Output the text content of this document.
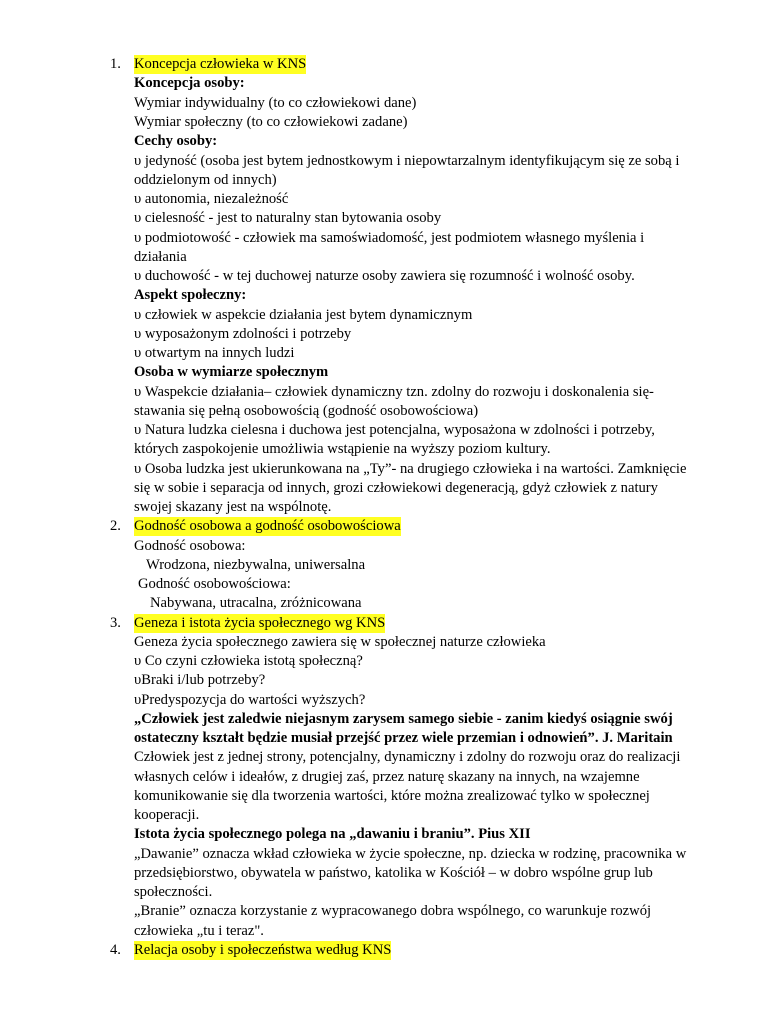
1. Koncepcja człowieka w KNS
Koncepcja osoby:
Wymiar indywidualny (to co człowiekowi dane)
Wymiar społeczny (to co człowiekowi zadane)
Cechy osoby:
υ jedyność (osoba jest bytem jednostkowym i niepowtarzalnym identyfikującym się ze sobą i
oddzielonym od innych)
υ autonomia, niezależność
υ cielesność - jest to naturalny stan bytowania osoby
υ podmiotowość - człowiek ma samoświadomość, jest podmiotem własnego myślenia i
działania
υ duchowość - w tej duchowej naturze osoby zawiera się rozumność i wolność osoby.
Aspekt społeczny:
υ człowiek w aspekcie działania jest bytem dynamicznym
υ wyposażonym zdolności i potrzeby
υ otwartym na innych ludzi
Osoba w wymiarze społecznym
υ Waspekcie działania– człowiek dynamiczny tzn. zdolny do rozwoju i doskonalenia się-
stawania się pełną osobowością (godność osobowościowa)
υ Natura ludzka cielesna i duchowa jest potencjalna, wyposażona w zdolności i potrzeby,
których zaspokojenie umożliwia wstąpienie na wyższy poziom kultury.
υ Osoba ludzka jest ukierunkowana na „Ty”- na drugiego człowieka i na wartości. Zamknięcie
się w sobie i separacja od innych, grozi człowiekowi degeneracją, gdyż człowiek z natury
swojej skazany jest na wspólnotę.
2. Godność osobowa a godność osobowościowa
Godność osobowa:
Wrodzona, niezbywalna, uniwersalna
Godność osobowościowa:
Nabywana, utracalna, zróżnicowana
3. Geneza i istota życia społecznego wg KNS
Geneza życia społecznego zawiera się w społecznej naturze człowieka
υ Co czyni człowieka istotą społeczną?
υBraki i/lub potrzeby?
υPredyspozycja do wartości wyższych?
„Człowiek jest zaledwie niejasnym zarysem samego siebie - zanim kiedyś osiągnie swój
ostateczny kształt będzie musiał przejść przez wiele przemian i odnowień”. J. Maritain
Człowiek jest z jednej strony, potencjalny, dynamiczny i zdolny do rozwoju oraz do realizacji
własnych celów i ideałów, z drugiej zaś, przez naturę skazany na innych, na wzajemne
komunikowanie się dla tworzenia wartości, które można zrealizować tylko w społecznej
kooperacji.
Istota życia społecznego polega na „dawaniu i braniu”. Pius XII
„Dawanie” oznacza wkład człowieka w życie społeczne, np. dziecka w rodzinę, pracownika w
przedsiębiorstwo, obywatela w państwo, katolika w Kościół – w dobro wspólne grup lub
społeczności.
„Branie” oznacza korzystanie z wypracowanego dobra wspólnego, co warunkuje rozwój
człowieka „tu i teraz".
4. Relacja osoby i społeczeństwa według KNS
